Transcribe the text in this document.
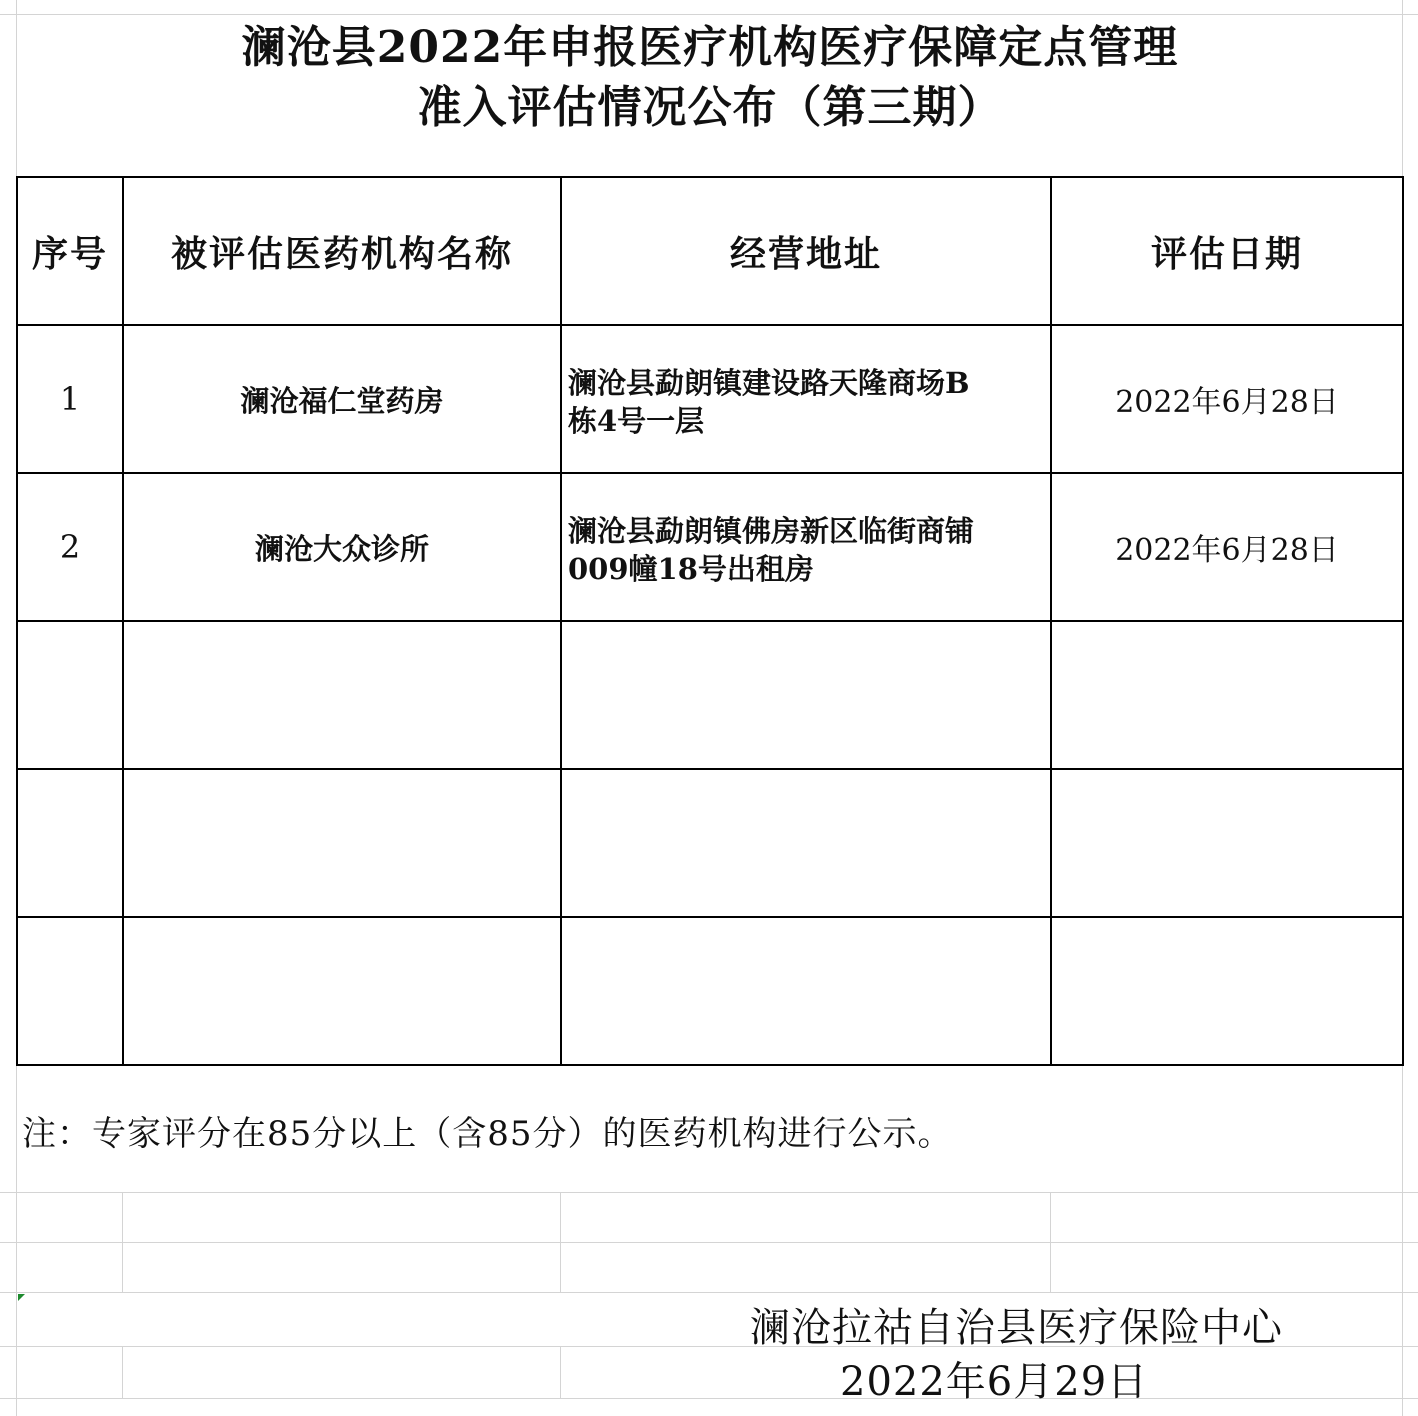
澜沧县2022年申报医疗机构医疗保障定点管理
准入评估情况公布（第三期）
序号	被评估医药机构名称	经营地址	评估日期
1	澜沧福仁堂药房	澜沧县勐朗镇建设路天隆商场B
栋4号一层	2022年6月28日
2	澜沧大众诊所	澜沧县勐朗镇佛房新区临街商铺
009幢18号出租房	2022年6月28日

注：专家评分在85分以上（含85分）的医药机构进行公示。
澜沧拉祜自治县医疗保险中心
2022年6月29日
